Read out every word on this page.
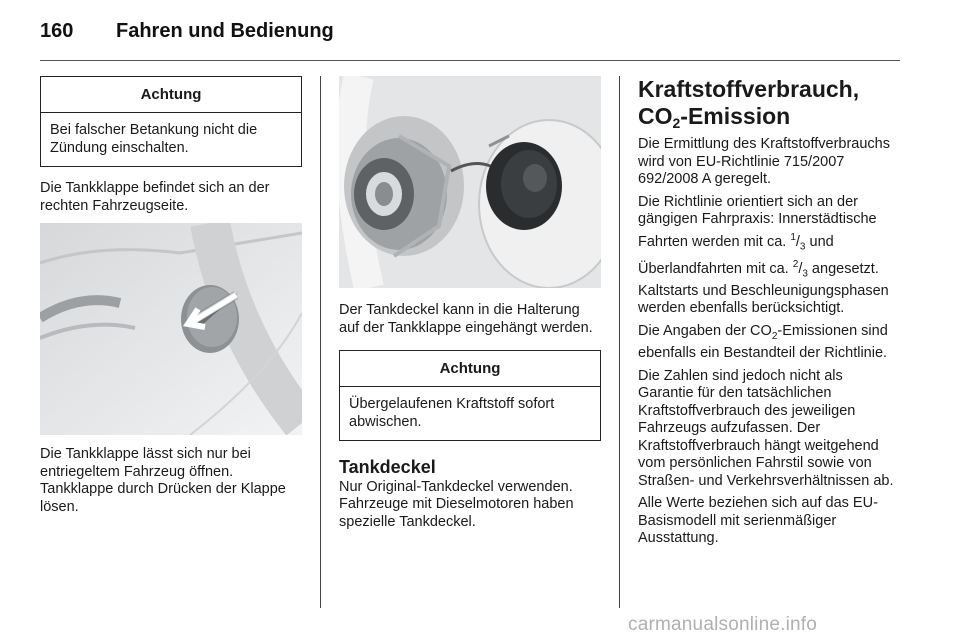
160 Fahren und Bedienung
Achtung
Bei falscher Betankung nicht die Zündung einschalten.

Die Tankklappe befindet sich an der rechten Fahrzeugseite.

Die Tankklappe lässt sich nur bei entriegeltem Fahrzeug öffnen. Tankklappe durch Drücken der Klappe lösen.

Der Tankdeckel kann in die Halterung auf der Tankklappe eingehängt werden.

Achtung
Übergelaufenen Kraftstoff sofort abwischen.
Tankdeckel

Nur Original-Tankdeckel verwenden. Fahrzeuge mit Dieselmotoren haben spezielle Tankdeckel.

Kraftstoffverbrauch,
$CO_2$-Emission

Die Ermittlung des Kraftstoffverbrauchs wird von EU-Richtlinie 715/2007 692/2008 A geregelt.

Die Richtlinie orientiert sich an der gängigen Fahrpraxis: Innerstädtische Fahrten werden mit ca. $^1/_3$ und Überlandfahrten mit ca. $^2/_3$ angesetzt. Kaltstarts und Beschleunigungsphasen werden ebenfalls berücksichtigt.

Die Angaben der $CO_2$-Emissionen sind ebenfalls ein Bestandteil der Richtlinie.

Die Zahlen sind jedoch nicht als Garantie für den tatsächlichen Kraftstoffverbrauch des jeweiligen Fahrzeugs aufzufassen. Der Kraftstoffverbrauch hängt weitgehend vom persönlichen Fahrstil sowie von Straßen- und Verkehrsverhältnissen ab.

Alle Werte beziehen sich auf das EU-Basismodell mit serienmäßiger Ausstattung.

carmanualsonline.info
